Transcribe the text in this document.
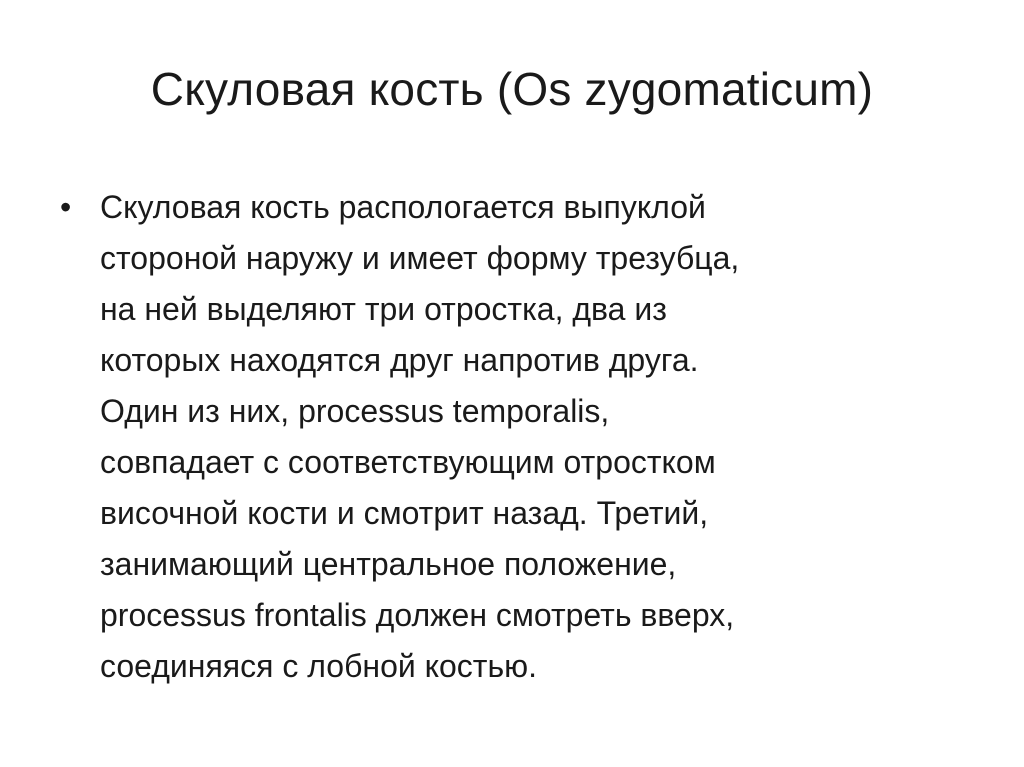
Скуловая кость (Os zygomaticum)
• Скуловая кость распологается выпуклой
стороной наружу и имеет форму трезубца,
на ней выделяют три отростка, два из
которых находятся друг напротив друга.
Один из них, processus temporalis,
совпадает с соответствующим отростком
височной кости и смотрит назад. Третий,
занимающий центральное положение,
processus frontalis должен смотреть вверх,
соединяяся с лобной костью.
